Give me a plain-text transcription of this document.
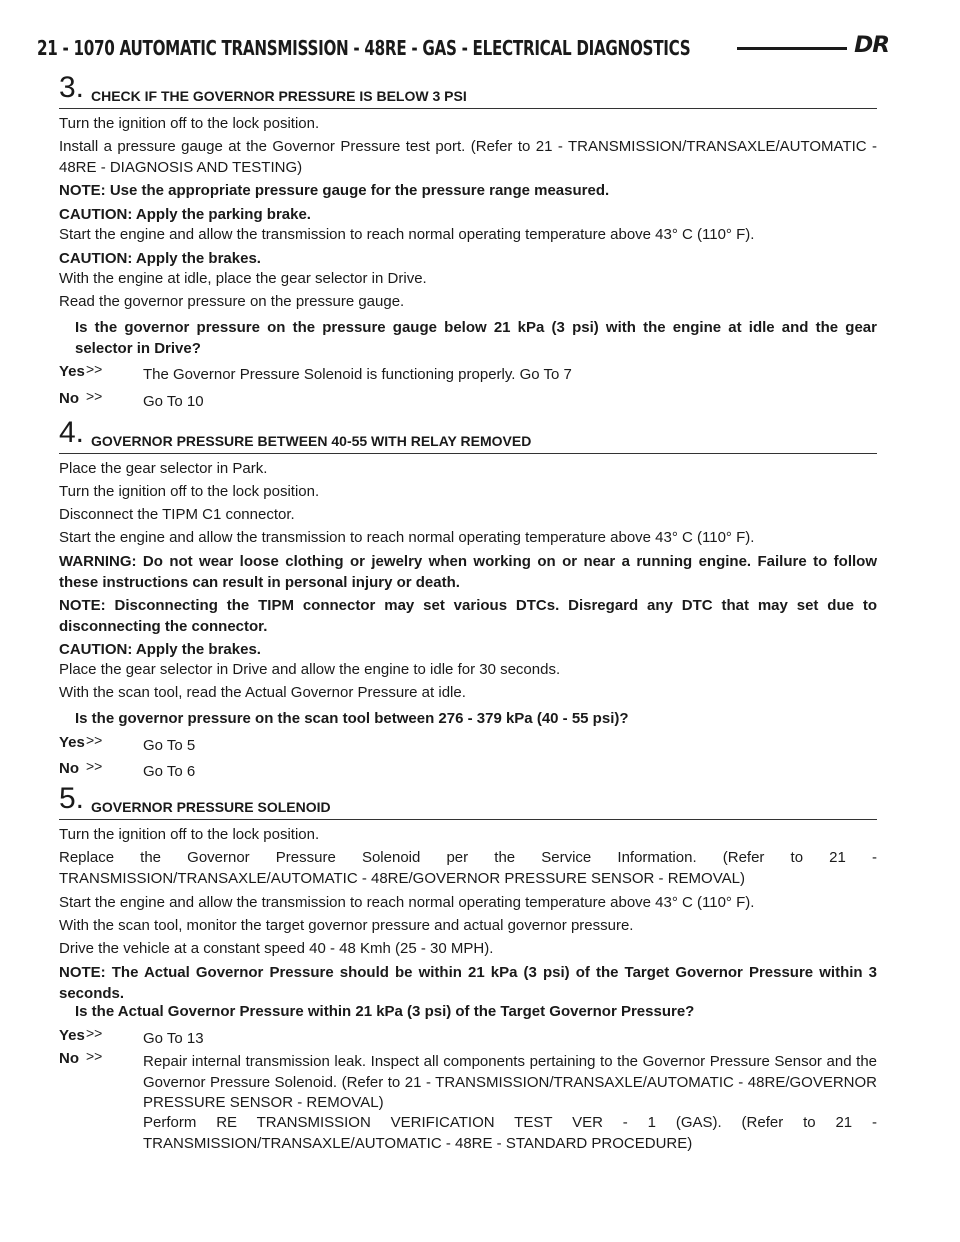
21 - 1070 AUTOMATIC TRANSMISSION - 48RE - GAS - ELECTRICAL DIAGNOSTICS	DR
3. CHECK IF THE GOVERNOR PRESSURE IS BELOW 3 PSI
Turn the ignition off to the lock position.
Install a pressure gauge at the Governor Pressure test port. (Refer to 21 - TRANSMISSION/TRANSAXLE/AUTOMATIC - 48RE - DIAGNOSIS AND TESTING)
NOTE: Use the appropriate pressure gauge for the pressure range measured.
CAUTION: Apply the parking brake.
Start the engine and allow the transmission to reach normal operating temperature above 43° C (110° F).
CAUTION: Apply the brakes.
With the engine at idle, place the gear selector in Drive.
Read the governor pressure on the pressure gauge.
Is the governor pressure on the pressure gauge below 21 kPa (3 psi) with the engine at idle and the gear selector in Drive?
Yes >>	The Governor Pressure Solenoid is functioning properly. Go To 7
No >>	Go To 10
4. GOVERNOR PRESSURE BETWEEN 40-55 WITH RELAY REMOVED
Place the gear selector in Park.
Turn the ignition off to the lock position.
Disconnect the TIPM C1 connector.
Start the engine and allow the transmission to reach normal operating temperature above 43° C (110° F).
WARNING: Do not wear loose clothing or jewelry when working on or near a running engine. Failure to follow these instructions can result in personal injury or death.
NOTE: Disconnecting the TIPM connector may set various DTCs. Disregard any DTC that may set due to disconnecting the connector.
CAUTION: Apply the brakes.
Place the gear selector in Drive and allow the engine to idle for 30 seconds.
With the scan tool, read the Actual Governor Pressure at idle.
Is the governor pressure on the scan tool between 276 - 379 kPa (40 - 55 psi)?
Yes >>	Go To 5
No >>	Go To 6
5. GOVERNOR PRESSURE SOLENOID
Turn the ignition off to the lock position.
Replace the Governor Pressure Solenoid per the Service Information. (Refer to 21 - TRANSMISSION/TRANSAXLE/AUTOMATIC - 48RE/GOVERNOR PRESSURE SENSOR - REMOVAL)
Start the engine and allow the transmission to reach normal operating temperature above 43° C (110° F).
With the scan tool, monitor the target governor pressure and actual governor pressure.
Drive the vehicle at a constant speed 40 - 48 Kmh (25 - 30 MPH).
NOTE: The Actual Governor Pressure should be within 21 kPa (3 psi) of the Target Governor Pressure within 3 seconds.
Is the Actual Governor Pressure within 21 kPa (3 psi) of the Target Governor Pressure?
Yes >>	Go To 13
No >>	Repair internal transmission leak. Inspect all components pertaining to the Governor Pressure Sensor and the Governor Pressure Solenoid. (Refer to 21 - TRANSMISSION/TRANSAXLE/AUTOMATIC - 48RE/GOVERNOR PRESSURE SENSOR - REMOVAL)
Perform RE TRANSMISSION VERIFICATION TEST VER - 1 (GAS). (Refer to 21 - TRANSMISSION/TRANSAXLE/AUTOMATIC - 48RE - STANDARD PROCEDURE)
